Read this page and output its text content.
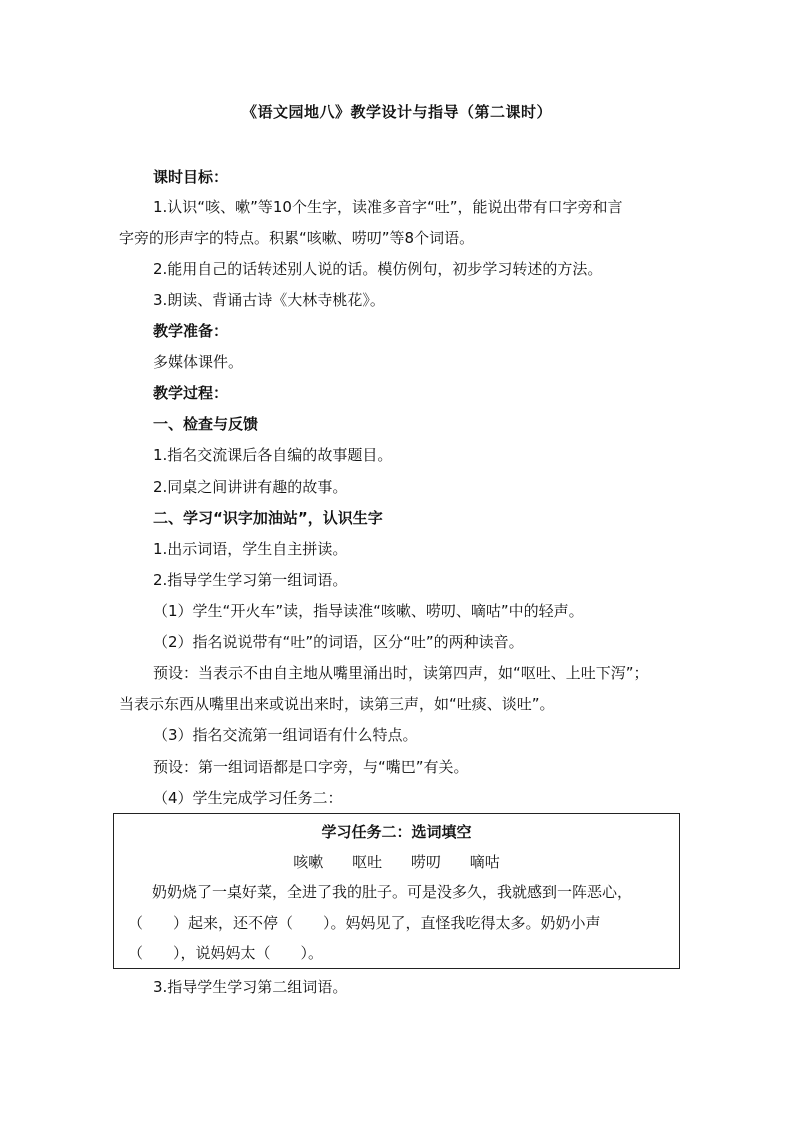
《语文园地八》教学设计与指导（第二课时）
课时目标：
1.认识“咳、嗽”等10个生字，读准多音字“吐”，能说出带有口字旁和言
字旁的形声字的特点。积累“咳嗽、唠叨”等8个词语。
2.能用自己的话转述别人说的话。模仿例句，初步学习转述的方法。
3.朗读、背诵古诗《大林寺桃花》。
教学准备：
多媒体课件。
教学过程：
一、检查与反馈
1.指名交流课后各自编的故事题目。
2.同桌之间讲讲有趣的故事。
二、学习“识字加油站”，认识生字
1.出示词语，学生自主拼读。
2.指导学生学习第一组词语。
（1）学生“开火车”读，指导读准“咳嗽、唠叨、嘀咕”中的轻声。
（2）指名说说带有“吐”的词语，区分“吐”的两种读音。
预设：当表示不由自主地从嘴里涌出时，读第四声，如“呕吐、上吐下泻”；
当表示东西从嘴里出来或说出来时，读第三声，如“吐痰、谈吐”。
（3）指名交流第一组词语有什么特点。
预设：第一组词语都是口字旁，与“嘴巴”有关。
（4）学生完成学习任务二：
学习任务二：选词填空
咳嗽 呕吐 唠叨 嘀咕
奶奶烧了一桌好菜，全进了我的肚子。可是没多久，我就感到一阵恶心，
（　　）起来，还不停（　　）。妈妈见了，直怪我吃得太多。奶奶小声
（　　），说妈妈太（　　）。
3.指导学生学习第二组词语。
